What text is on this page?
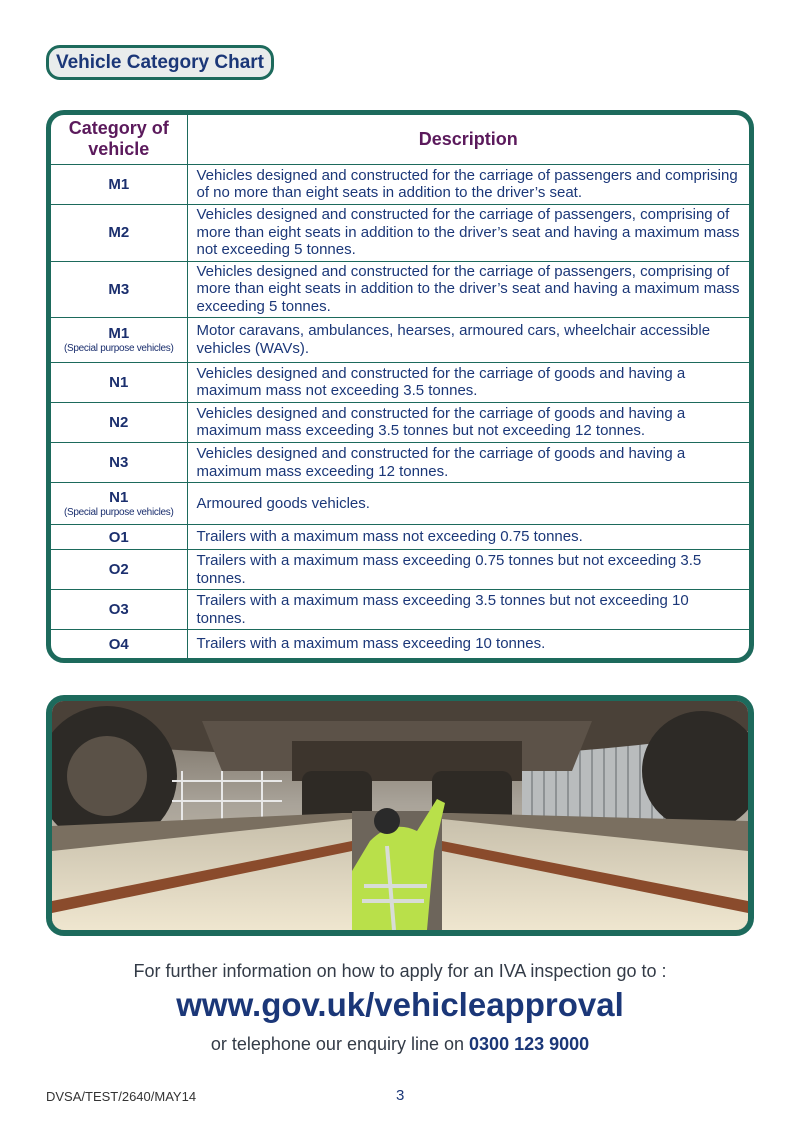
Vehicle Category Chart
Category of vehicle	Description
M1	Vehicles designed and constructed for the carriage of passengers and comprising of no more than eight seats in addition to the driver’s seat.
M2	Vehicles designed and constructed for the carriage of passengers, comprising of more than eight seats in addition to the driver’s seat and having a maximum mass not exceeding 5 tonnes.
M3	Vehicles designed and constructed for the carriage of passengers, comprising of more than eight seats in addition to the driver’s seat and having a maximum mass exceeding 5 tonnes.
M1
(Special purpose vehicles)	Motor caravans, ambulances, hearses, armoured cars, wheelchair accessible vehicles (WAVs).
N1	Vehicles designed and constructed for the carriage of goods and having a maximum mass not exceeding 3.5 tonnes.
N2	Vehicles designed and constructed for the carriage of goods and having a maximum mass exceeding 3.5 tonnes but not exceeding 12 tonnes.
N3	Vehicles designed and constructed for the carriage of goods and having a maximum mass exceeding 12 tonnes.
N1
(Special purpose vehicles)	Armoured goods vehicles.
O1	Trailers with a maximum mass not exceeding 0.75 tonnes.
O2	Trailers with a maximum mass exceeding 0.75 tonnes but not exceeding 3.5 tonnes.
O3	Trailers with a maximum mass exceeding 3.5 tonnes but not exceeding 10 tonnes.
O4	Trailers with a maximum mass exceeding 10 tonnes.
For further information on how to apply for an IVA inspection go to :
www.gov.uk/vehicleapproval
or telephone our enquiry line on 0300 123 9000
DVSA/TEST/2640/MAY14	3
